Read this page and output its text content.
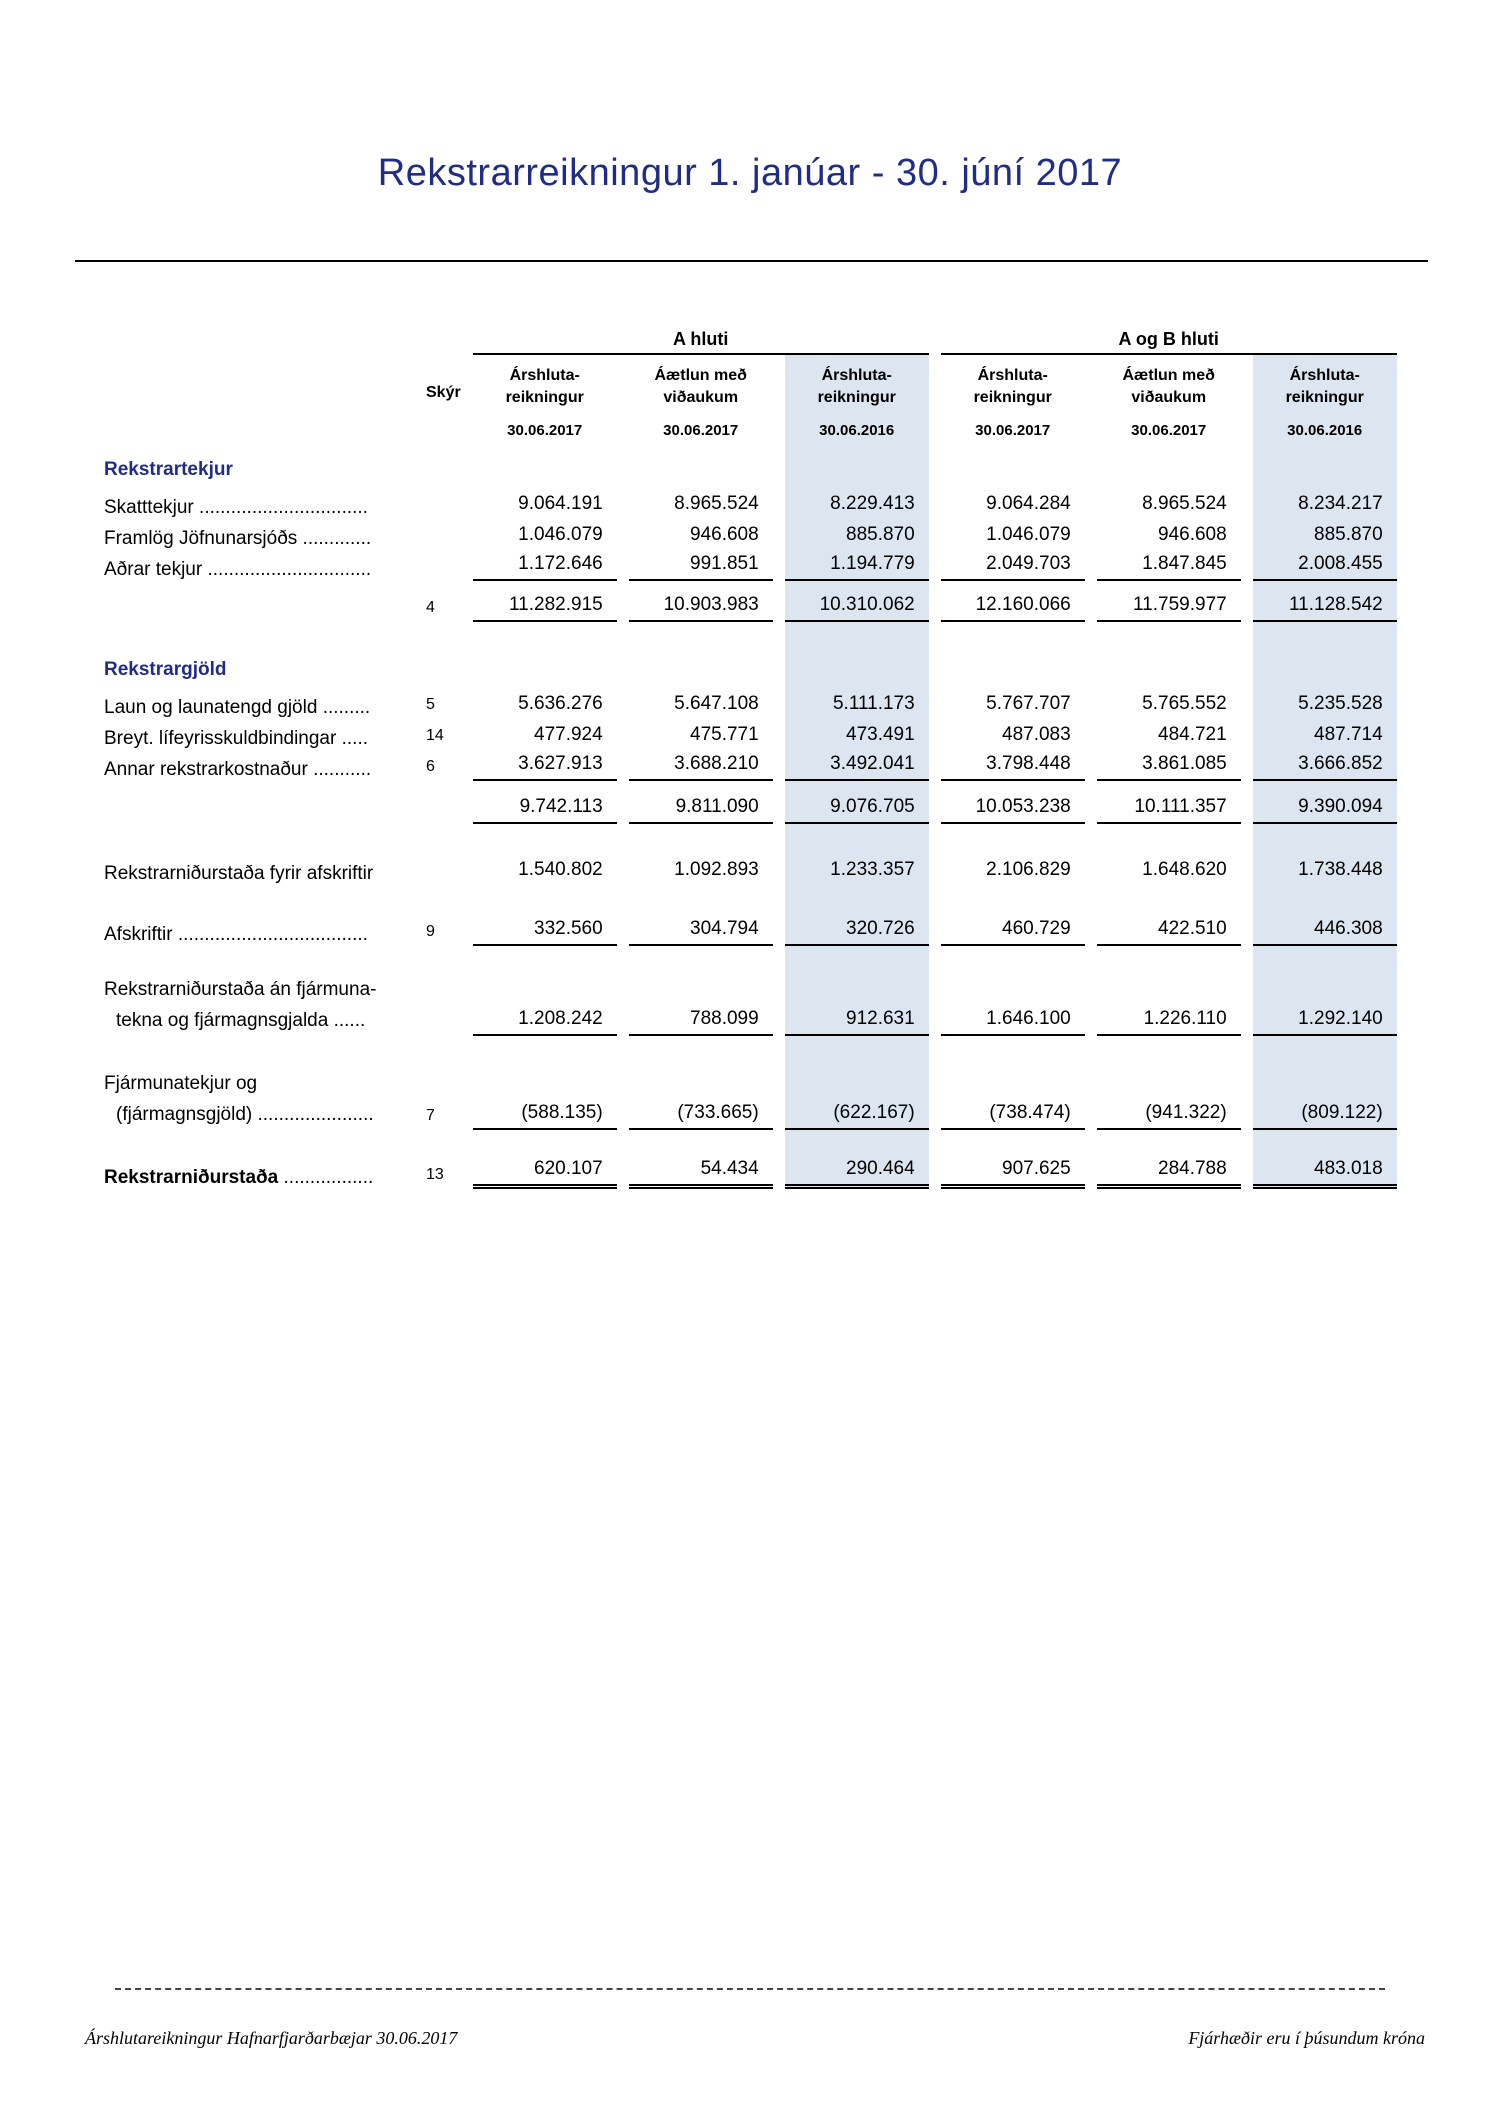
Rekstrarreikningur 1. janúar - 30. júní 2017
		A hluti			A og B hluti		
	Skýr	
Árshluta-
reikningur

Áætlun með
viðaukum

Árshluta-
reikningur

Árshluta-
reikningur

Áætlun með
viðaukum

Árshluta-
reikningur

		30.06.2017	30.06.2017	30.06.2016	30.06.2017	30.06.2017	30.06.2016
Rekstrartekjur							
Skatttekjur ................................		9.064.191	8.965.524	8.229.413	9.064.284	8.965.524	8.234.217
Framlög Jöfnunarsjóðs .............		1.046.079	946.608	885.870	1.046.079	946.608	885.870
Aðrar tekjur ...............................		1.172.646	991.851	1.194.779	2.049.703	1.847.845	2.008.455

	4	11.282.915	10.903.983	10.310.062	12.160.066	11.759.977	11.128.542

Rekstrargjöld							
Laun og launatengd gjöld .........	5	5.636.276	5.647.108	5.111.173	5.767.707	5.765.552	5.235.528
Breyt. lífeyrisskuldbindingar .....	14	477.924	475.771	473.491	487.083	484.721	487.714
Annar rekstrarkostnaður ...........	6	3.627.913	3.688.210	3.492.041	3.798.448	3.861.085	3.666.852

		9.742.113	9.811.090	9.076.705	10.053.238	10.111.357	9.390.094

Rekstrarniðurstaða fyrir afskriftir		1.540.802	1.092.893	1.233.357	2.106.829	1.648.620	1.738.448

Afskriftir ....................................	9	332.560	304.794	320.726	460.729	422.510	446.308

Rekstrarniðurstaða án fjármuna-
tekna og fjármagnsgjalda ......		1.208.242	788.099	912.631	1.646.100	1.226.110	1.292.140

Fjármunatekjur og
(fjármagnsgjöld) ......................	7	(588.135)	(733.665)	(622.167)	(738.474)	(941.322)	(809.122)

Rekstrarniðurstaða .................	13	620.107	54.434	290.464	907.625	284.788	483.018
Árshlutareikningur Hafnarfjarðarbæjar 30.06.2017	Fjárhæðir eru í þúsundum króna
